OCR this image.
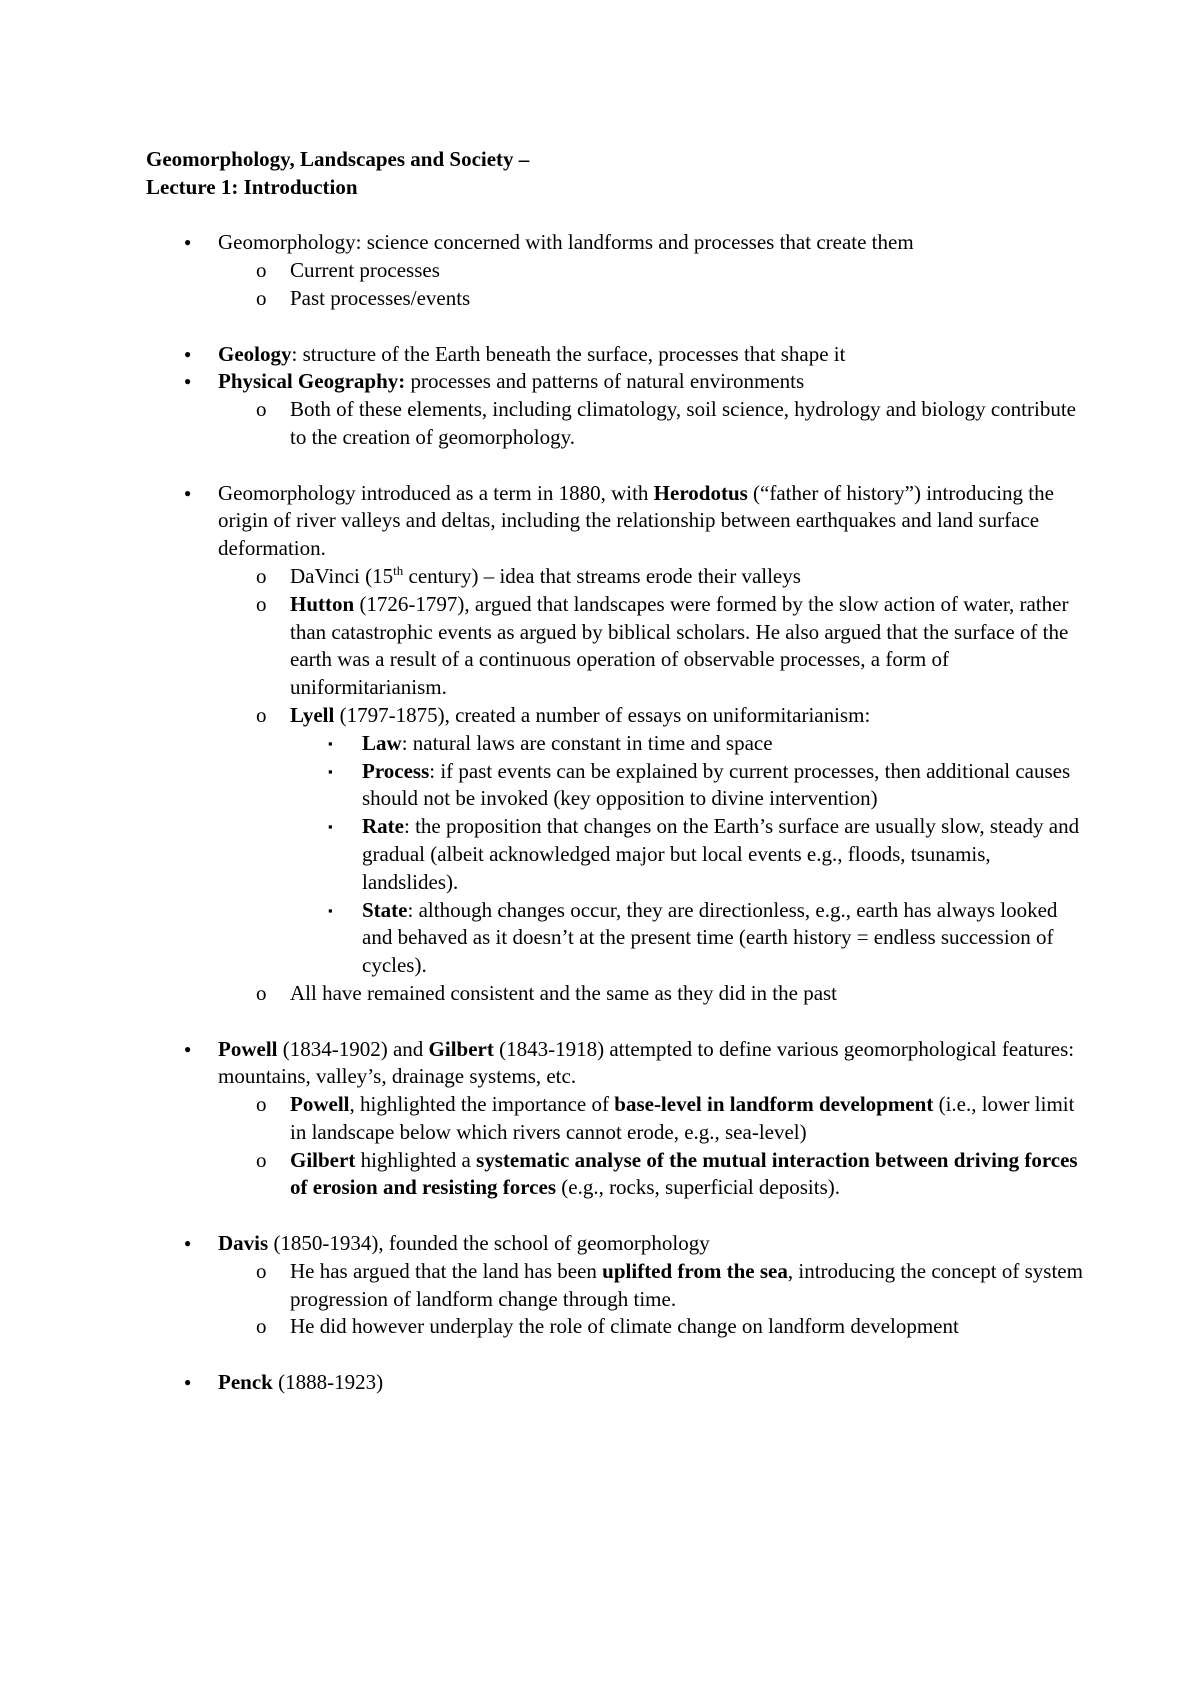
Geomorphology, Landscapes and Society –
Lecture 1: Introduction
● Geomorphology: science concerned with landforms and processes that create them
o Current processes
o Past processes/events
● Geology: structure of the Earth beneath the surface, processes that shape it
● Physical Geography: processes and patterns of natural environments
o Both of these elements, including climatology, soil science, hydrology and biology contribute to the creation of geomorphology.
● Geomorphology introduced as a term in 1880, with Herodotus (“father of history”) introducing the origin of river valleys and deltas, including the relationship between earthquakes and land surface deformation.
o DaVinci (15th century) – idea that streams erode their valleys
o Hutton (1726-1797), argued that landscapes were formed by the slow action of water, rather than catastrophic events as argued by biblical scholars. He also argued that the surface of the earth was a result of a continuous operation of observable processes, a form of uniformitarianism.
o Lyell (1797-1875), created a number of essays on uniformitarianism:
▪ Law: natural laws are constant in time and space
▪ Process: if past events can be explained by current processes, then additional causes should not be invoked (key opposition to divine intervention)
▪ Rate: the proposition that changes on the Earth’s surface are usually slow, steady and gradual (albeit acknowledged major but local events e.g., floods, tsunamis, landslides).
▪ State: although changes occur, they are directionless, e.g., earth has always looked and behaved as it doesn’t at the present time (earth history = endless succession of cycles).
o All have remained consistent and the same as they did in the past
● Powell (1834-1902) and Gilbert (1843-1918) attempted to define various geomorphological features: mountains, valley’s, drainage systems, etc.
o Powell, highlighted the importance of base-level in landform development (i.e., lower limit in landscape below which rivers cannot erode, e.g., sea-level)
o Gilbert highlighted a systematic analyse of the mutual interaction between driving forces of erosion and resisting forces (e.g., rocks, superficial deposits).
● Davis (1850-1934), founded the school of geomorphology
o He has argued that the land has been uplifted from the sea, introducing the concept of system progression of landform change through time.
o He did however underplay the role of climate change on landform development
● Penck (1888-1923)
